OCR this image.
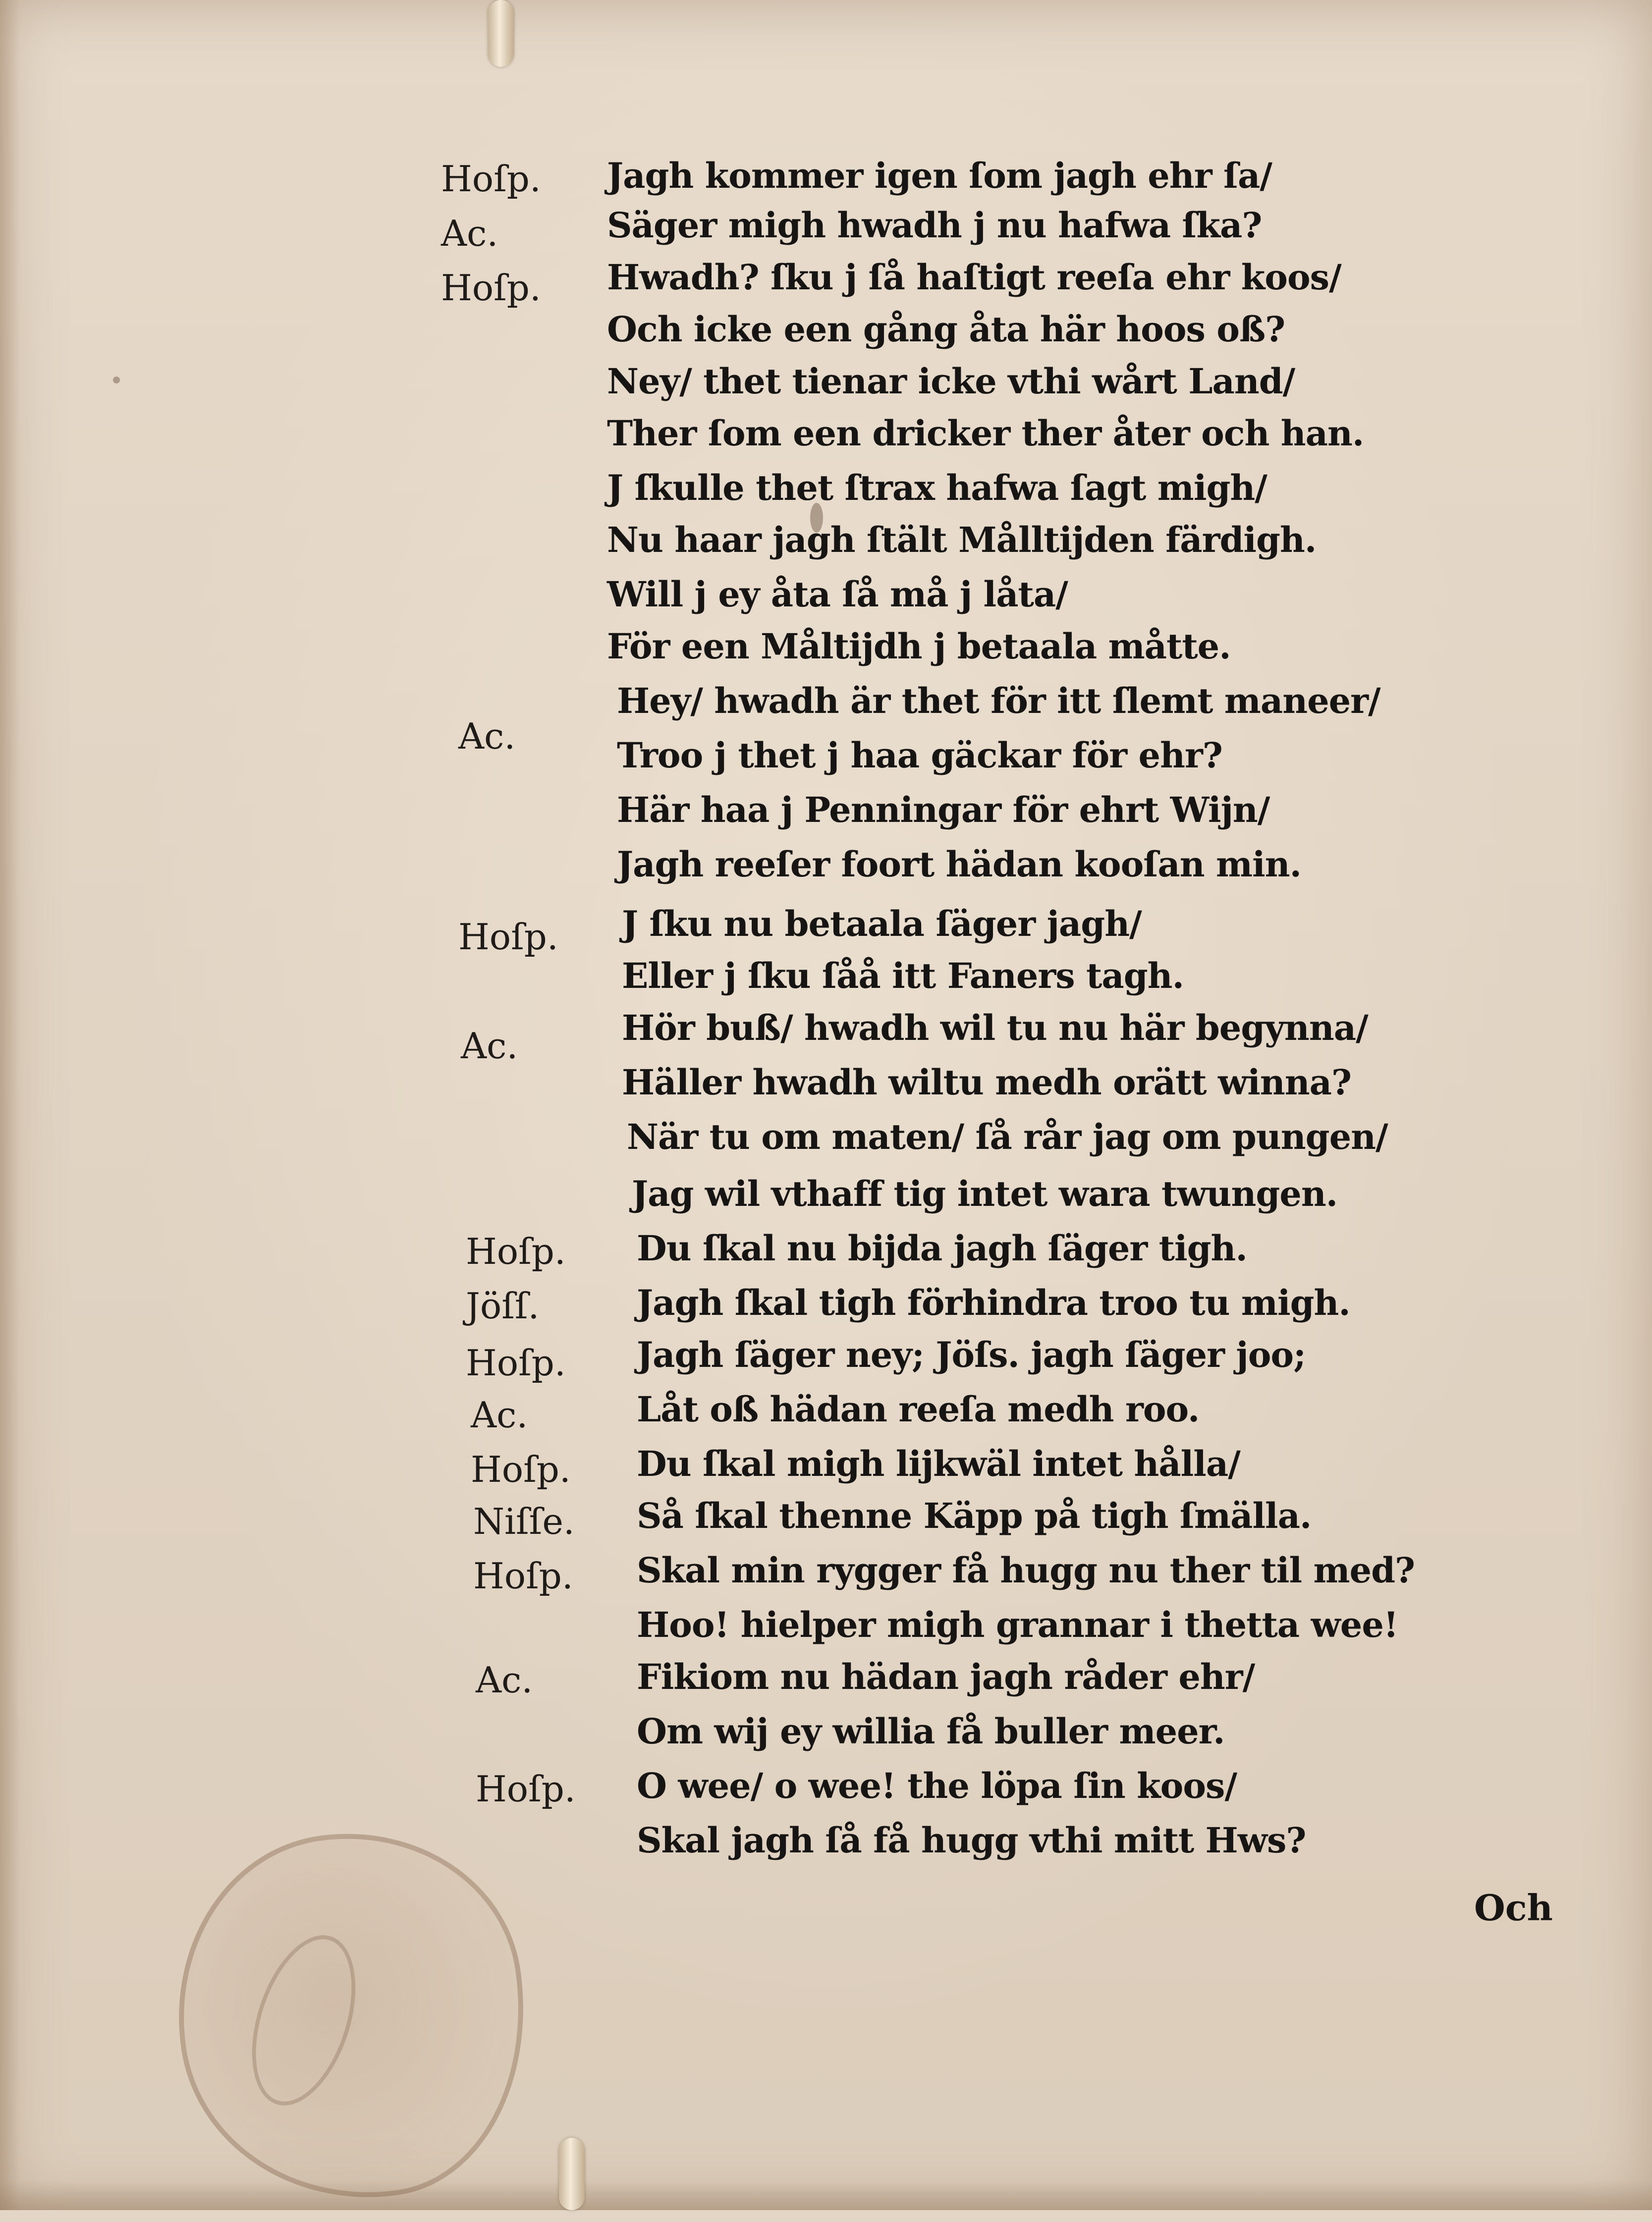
Hoſp.
Ac.
Hoſp.
Ac.
Hoſp.
Ac.
Hoſp.
Jöſſ.
Hoſp.
Ac.
Hoſp.
Niſſe.
Hoſp.
Ac.
Hoſp.
Jagh kommer igen ſom jagh ehr ſa/
Säger migh hwadh j nu hafwa ſka?
Hwadh? ſku j ſå haſtigt reeſa ehr koos/
Och icke een gång åta här hoos oß?
Ney/ thet tienar icke vthi wårt Land/
Ther ſom een dricker ther åter och han.
J ſkulle thet ſtrax hafwa ſagt migh/
Nu haar jagh ſtält Målltijden färdigh.
Will j ey åta ſå må j låta/
För een Måltijdh j betaala måtte.
Hey/ hwadh är thet för itt ſlemt maneer/
Troo j thet j haa gäckar för ehr?
Här haa j Penningar för ehrt Wijn/
Jagh reeſer foort hädan kooſan min.
J ſku nu betaala ſäger jagh/
Eller j ſku ſåå itt Faners tagh.
Hör buß/ hwadh wil tu nu här begynna/
Häller hwadh wiltu medh orätt winna?
När tu om maten/ ſå rår jag om pungen/
Jag wil vthaff tig intet wara twungen.
Du ſkal nu bijda jagh ſäger tigh.
Jagh ſkal tigh förhindra troo tu migh.
Jagh ſäger ney; Jöſs. jagh ſäger joo;
Låt oß hädan reeſa medh roo.
Du ſkal migh lijkwäl intet hålla/
Så ſkal thenne Käpp på tigh ſmälla.
Skal min rygger få hugg nu ther til med?
Hoo! hielper migh grannar i thetta wee!
Fikiom nu hädan jagh råder ehr/
Om wij ey willia få buller meer.
O wee/ o wee! the löpa ſin koos/
Skal jagh ſå få hugg vthi mitt Hws?
Och
